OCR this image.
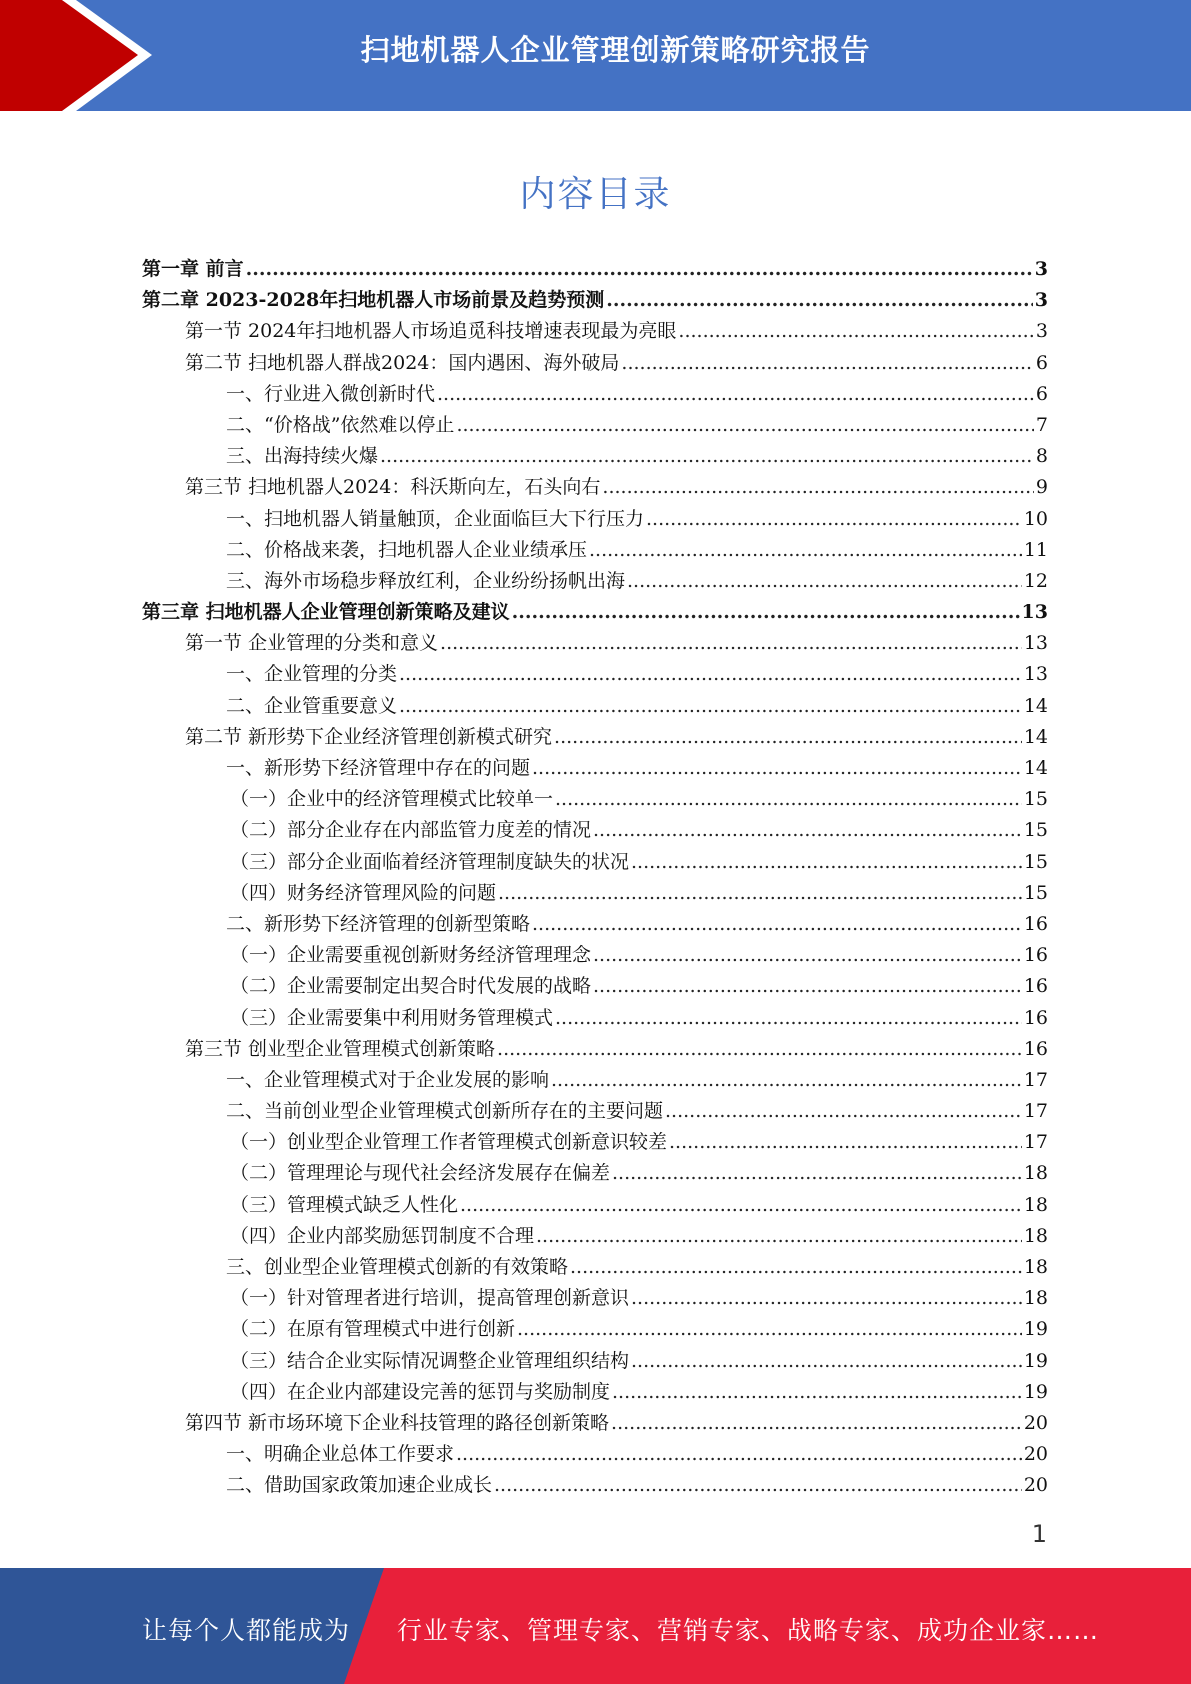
扫地机器人企业管理创新策略研究报告
内容目录
第一章 前言 .....	3
第二章 2023-2028年扫地机器人市场前景及趋势预测 .....	3
第一节 2024年扫地机器人市场追觅科技增速表现最为亮眼 .....	3
第二节 扫地机器人群战2024：国内遇困、海外破局 .....	6
一、行业进入微创新时代 .....	6
二、“价格战”依然难以停止 .....	7
三、出海持续火爆 .....	8
第三节 扫地机器人2024：科沃斯向左，石头向右 .....	9
一、扫地机器人销量触顶，企业面临巨大下行压力 .....	10
二、价格战来袭，扫地机器人企业业绩承压 .....	11
三、海外市场稳步释放红利，企业纷纷扬帆出海 .....	12
第三章 扫地机器人企业管理创新策略及建议 .....	13
第一节 企业管理的分类和意义 .....	13
一、企业管理的分类 .....	13
二、企业管重要意义 .....	14
第二节 新形势下企业经济管理创新模式研究 .....	14
一、新形势下经济管理中存在的问题 .....	14
（一）企业中的经济管理模式比较单一 .....	15
（二）部分企业存在内部监管力度差的情况 .....	15
（三）部分企业面临着经济管理制度缺失的状况 .....	15
（四）财务经济管理风险的问题 .....	15
二、新形势下经济管理的创新型策略 .....	16
（一）企业需要重视创新财务经济管理理念 .....	16
（二）企业需要制定出契合时代发展的战略 .....	16
（三）企业需要集中利用财务管理模式 .....	16
第三节 创业型企业管理模式创新策略 .....	16
一、企业管理模式对于企业发展的影响 .....	17
二、当前创业型企业管理模式创新所存在的主要问题 .....	17
（一）创业型企业管理工作者管理模式创新意识较差 .....	17
（二）管理理论与现代社会经济发展存在偏差 .....	18
（三）管理模式缺乏人性化 .....	18
（四）企业内部奖励惩罚制度不合理 .....	18
三、创业型企业管理模式创新的有效策略 .....	18
（一）针对管理者进行培训，提高管理创新意识 .....	18
（二）在原有管理模式中进行创新 .....	19
（三）结合企业实际情况调整企业管理组织结构 .....	19
（四）在企业内部建设完善的惩罚与奖励制度 .....	19
第四节 新市场环境下企业科技管理的路径创新策略 .....	20
一、明确企业总体工作要求 .....	20
二、借助国家政策加速企业成长 .....	20
1
让每个人都能成为 行业专家、管理专家、营销专家、战略专家、成功企业家……
